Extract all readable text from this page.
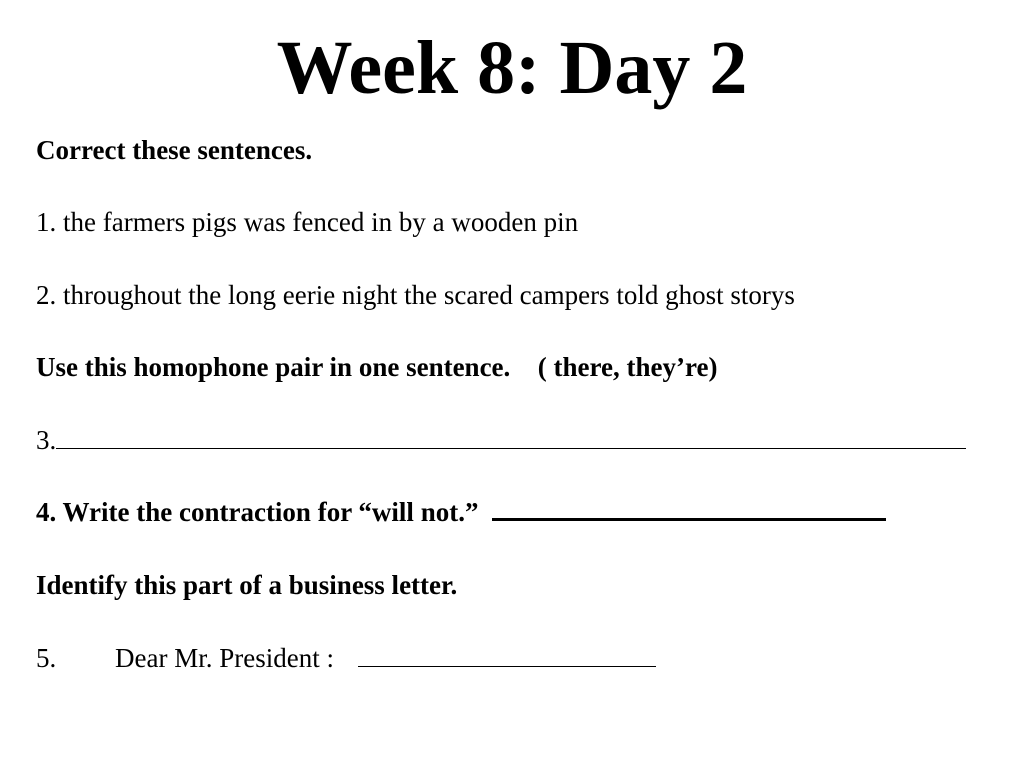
Week 8: Day 2
Correct these sentences.
1. the farmers pigs was fenced in by a wooden pin
2. throughout the long eerie night the scared campers told ghost storys
Use this homophone pair in one sentence. ( there, they’re)
3.
4. Write the contraction for “will not.”
Identify this part of a business letter.
5. Dear Mr. President :
